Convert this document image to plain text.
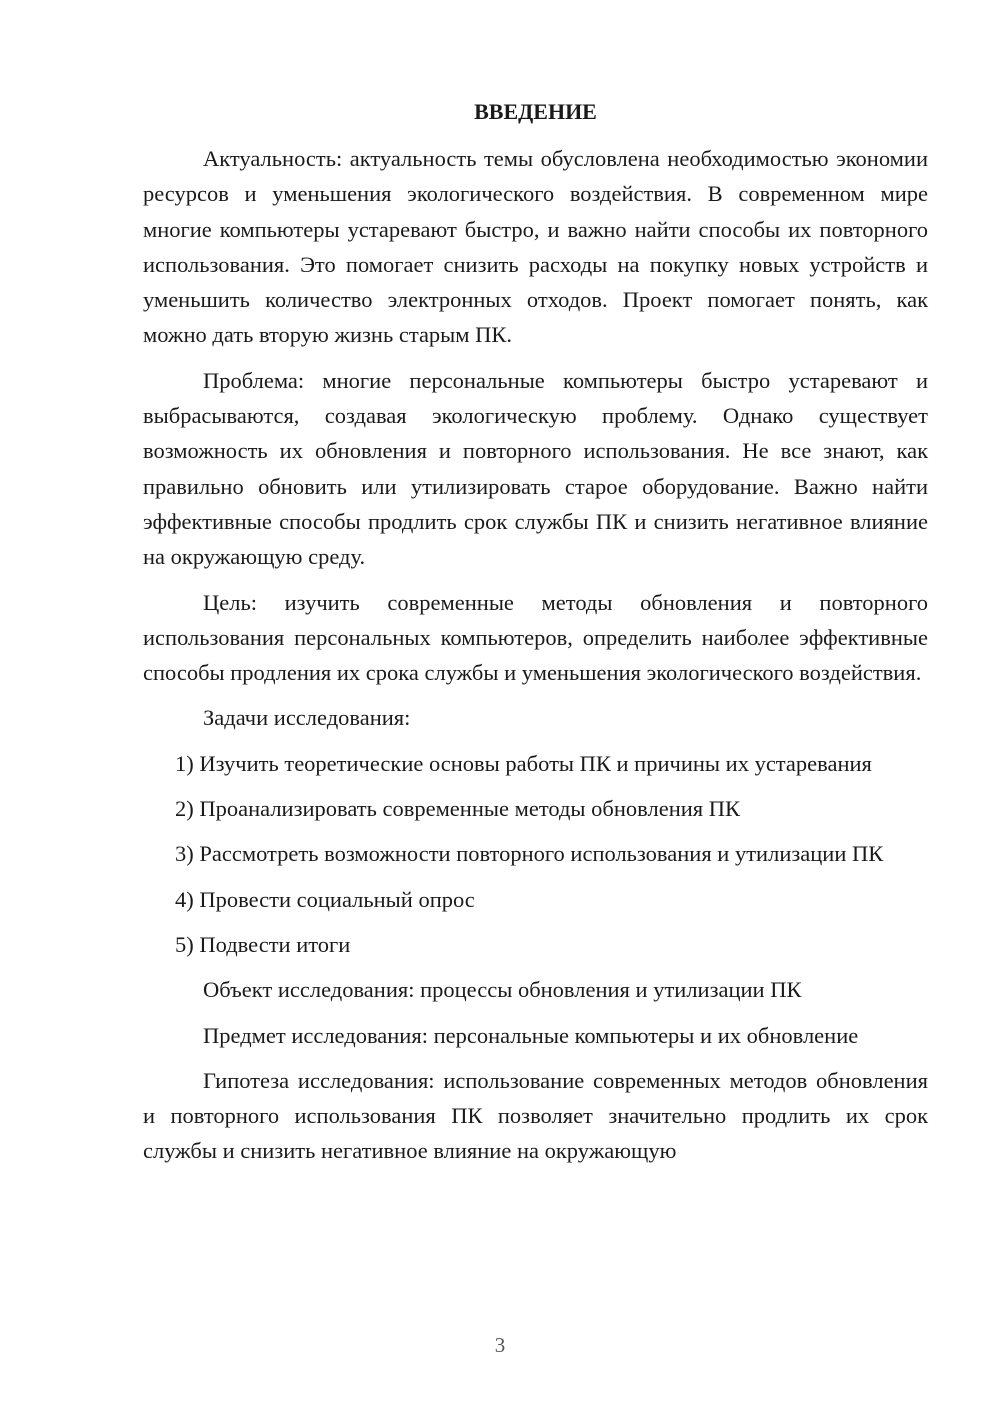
ВВЕДЕНИЕ

Актуальность: актуальность темы обусловлена необходимостью экономии ресурсов и уменьшения экологического воздействия. В современном мире многие компьютеры устаревают быстро, и важно найти способы их повторного использования. Это помогает снизить расходы на покупку новых устройств и уменьшить количество электронных отходов. Проект помогает понять, как можно дать вторую жизнь старым ПК.

Проблема: многие персональные компьютеры быстро устаревают и выбрасываются, создавая экологическую проблему. Однако существует возможность их обновления и повторного использования. Не все знают, как правильно обновить или утилизировать старое оборудование. Важно найти эффективные способы продлить срок службы ПК и снизить негативное влияние на окружающую среду.

Цель: изучить современные методы обновления и повторного использования персональных компьютеров, определить наиболее эффективные способы продления их срока службы и уменьшения экологического воздействия.

Задачи исследования:

1) Изучить теоретические основы работы ПК и причины их устаревания

2) Проанализировать современные методы обновления ПК

3) Рассмотреть возможности повторного использования и утилизации ПК

4) Провести социальный опрос

5) Подвести итоги

Объект исследования: процессы обновления и утилизации ПК

Предмет исследования: персональные компьютеры и их обновление

Гипотеза исследования: использование современных методов обновления и повторного использования ПК позволяет значительно продлить их срок службы и снизить негативное влияние на окружающую

3
